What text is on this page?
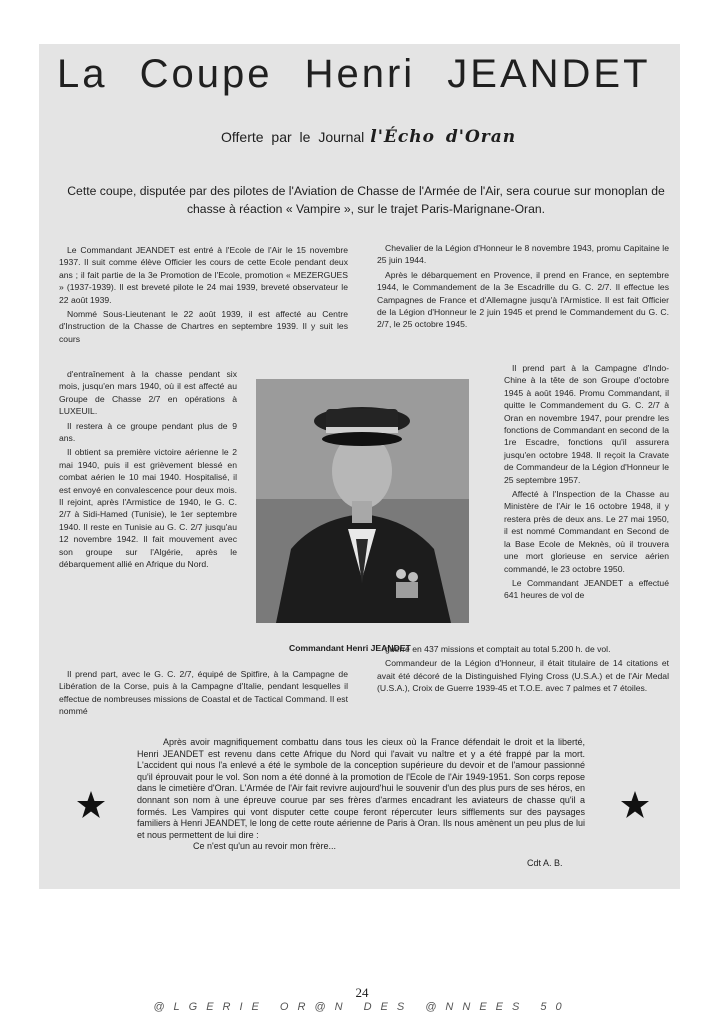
La Coupe Henri JEANDET
Offerte par le Journal l'Écho d'Oran
Cette coupe, disputée par des pilotes de l'Aviation de Chasse de l'Armée de l'Air, sera courue sur monoplan de chasse à réaction « Vampire », sur le trajet Paris-Marignane-Oran.

Le Commandant JEANDET est entré à l'Ecole de l'Air le 15 novembre 1937. Il suit comme élève Officier les cours de cette Ecole pendant deux ans ; il fait partie de la 3e Promotion de l'Ecole, promotion « MEZERGUES » (1937-1939). Il est breveté pilote le 24 mai 1939, breveté observateur le 22 août 1939.

Nommé Sous-Lieutenant le 22 août 1939, il est affecté au Centre d'Instruction de la Chasse de Chartres en septembre 1939. Il y suit les cours

d'entraînement à la chasse pendant six mois, jusqu'en mars 1940, où il est affecté au Groupe de Chasse 2/7 en opérations à LUXEUIL.

Il restera à ce groupe pendant plus de 9 ans.

Il obtient sa première victoire aérienne le 2 mai 1940, puis il est grièvement blessé en combat aérien le 10 mai 1940. Hospitalisé, il est envoyé en convalescence pour deux mois. Il rejoint, après l'Armistice de 1940, le G. C. 2/7 à Sidi-Hamed (Tunisie), le 1er septembre 1940. Il reste en Tunisie au G. C. 2/7 jusqu'au 12 novembre 1942. Il fait mouvement avec son groupe sur l'Algérie, après le débarquement allié en Afrique du Nord.

Il prend part, avec le G. C. 2/7, équipé de Spitfire, à la Campagne de Libération de la Corse, puis à la Campagne d'Italie, pendant lesquelles il effectue de nombreuses missions de Coastal et de Tactical Command. Il est nommé

Chevalier de la Légion d'Honneur le 8 novembre 1943, promu Capitaine le 25 juin 1944.

Après le débarquement en Provence, il prend en France, en septembre 1944, le Commandement de la 3e Escadrille du G. C. 2/7. Il effectue les Campagnes de France et d'Allemagne jusqu'à l'Armistice. Il est fait Officier de la Légion d'Honneur le 2 juin 1945 et prend le Commandement du G. C. 2/7, le 25 octobre 1945.

Il prend part à la Campagne d'Indo-Chine à la tête de son Groupe d'octobre 1945 à août 1946. Promu Commandant, il quitte le Commandement du G. C. 2/7 à Oran en novembre 1947, pour prendre les fonctions de Commandant en second de la 1re Escadre, fonctions qu'il assurera jusqu'en octobre 1948. Il reçoit la Cravate de Commandeur de la Légion d'Honneur le 25 septembre 1957.

Affecté à l'Inspection de la Chasse au Ministère de l'Air le 16 octobre 1948, il y restera près de deux ans. Le 27 mai 1950, il est nommé Commandant en Second de la Base Ecole de Meknès, où il trouvera une mort glorieuse en service aérien commandé, le 23 octobre 1950.

Le Commandant JEANDET a effectué 641 heures de vol de

guerre en 437 missions et comptait au total 5.200 h. de vol.

Commandeur de la Légion d'Honneur, il était titulaire de 14 citations et avait été décoré de la Distinguished Flying Cross (U.S.A.) et de l'Air Medal (U.S.A.), Croix de Guerre 1939-45 et T.O.E. avec 7 palmes et 7 étoiles.

Commandant Henri JEANDET

Après avoir magnifiquement combattu dans tous les cieux où la France défendait le droit et la liberté, Henri JEANDET est revenu dans cette Afrique du Nord qui l'avait vu naître et y a été frappé par la mort. L'accident qui nous l'a enlevé a été le symbole de la conception supérieure du devoir et de l'amour passionné qu'il éprouvait pour le vol. Son nom a été donné à la promotion de l'Ecole de l'Air 1949-1951. Son corps repose dans le cimetière d'Oran. L'Armée de l'Air fait revivre aujourd'hui le souvenir d'un des plus purs de ses héros, en donnant son nom à une épreuve courue par ses frères d'armes encadrant les aviateurs de chasse qu'il a formés. Les Vampires qui vont disputer cette coupe feront répercuter leurs sifflements sur des paysages familiers à Henri JEANDET, le long de cette route aérienne de Paris à Oran. Ils nous amènent un peu plus de lui et nous permettent de lui dire :

Ce n'est qu'un au revoir mon frère...

Cdt A. B.
24
@LGERIE OR@N DES @NNEES 50
